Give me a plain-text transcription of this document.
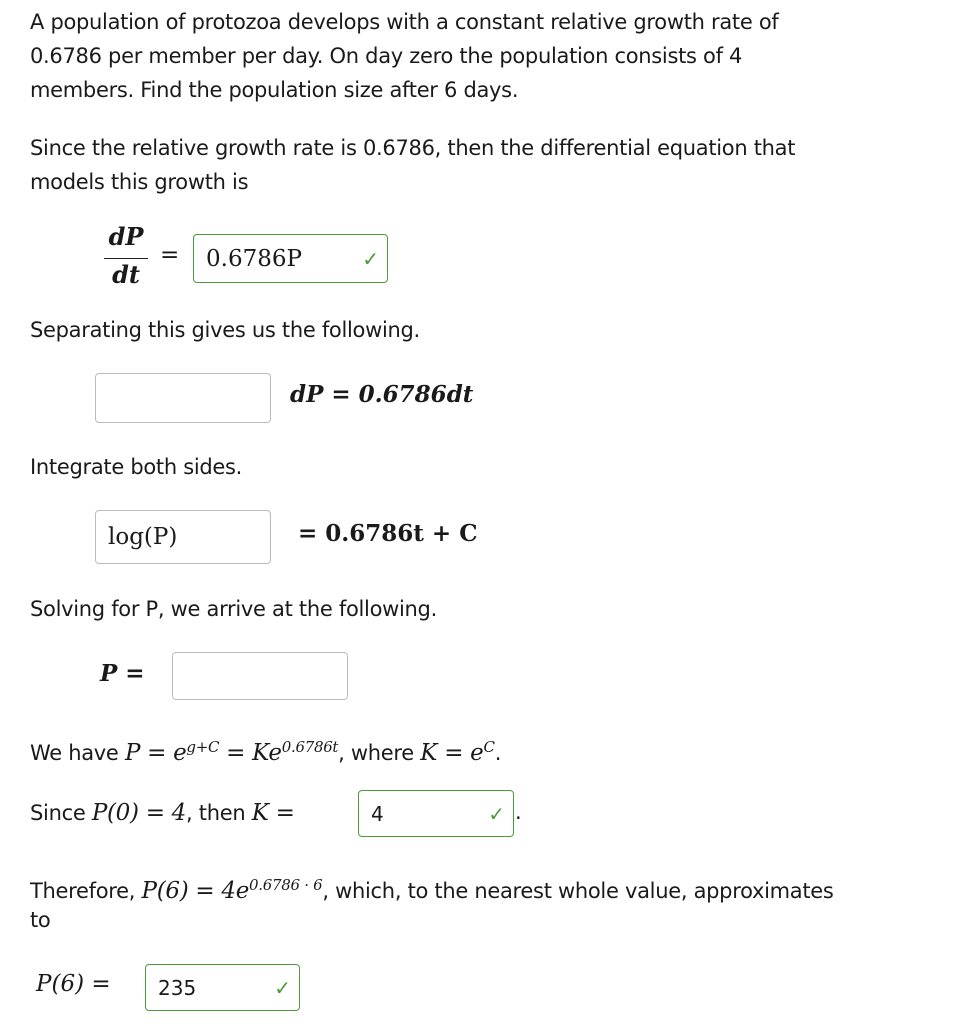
A population of protozoa develops with a constant relative growth rate of
0.6786 per member per day. On day zero the population consists of 4
members. Find the population size after 6 days.
Since the relative growth rate is 0.6786, then the differential equation that
models this growth is
dP
dt
= 0.6786P	✓
Separating this gives us the following.
dP = 0.6786dt
Integrate both sides.
log(P)	= 0.6786t + C
Solving for P, we arrive at the following.
P =
We have $P = e^{g+C} = Ke^{0.6786t}$, where $K = e^C$.
Since P(0) = 4, then K =	4	✓ .
Therefore, $P(6) = 4e^{0.6786 \cdot 6}$, which, to the nearest whole value, approximates
to
P(6) = 235	✓
